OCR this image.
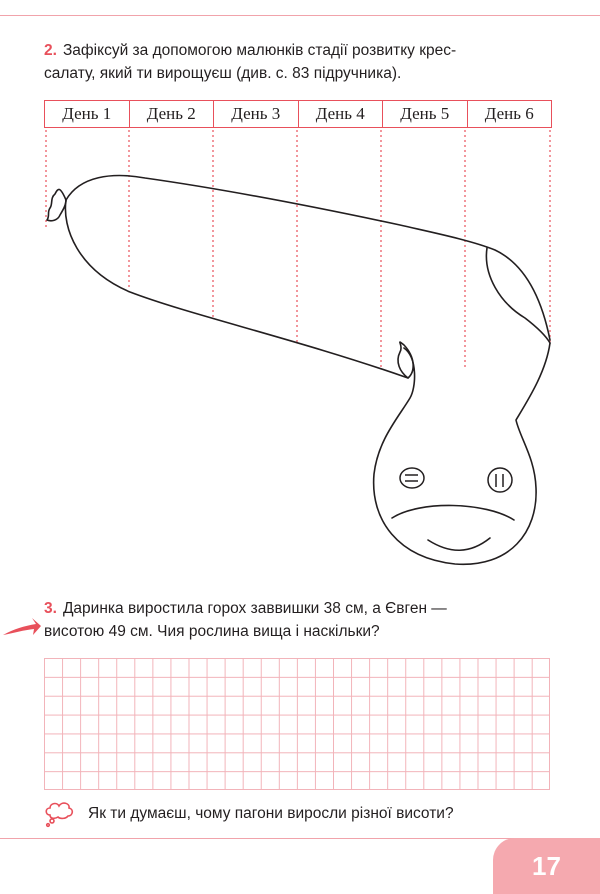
2. Зафіксуй за допомогою малюнків стадії розвитку крес-
салату, який ти вирощуєш (див. с. 83 підручника).
День 1	День 2	День 3	День 4	День 5	День 6
3. Даринка виростила горох заввишки 38 см, а Євген —
висотою 49 см. Чия рослина вища і наскільки?
Як ти думаєш, чому пагони виросли різної висоти?
17
